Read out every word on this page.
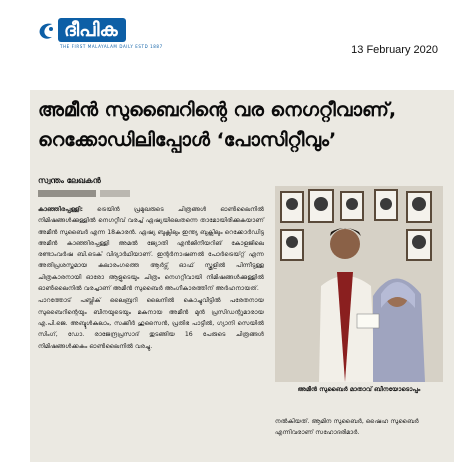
ദീപിക
THE FIRST MALAYALAM DAILY ESTD 1887	13 February 2020
അമീൻ സുബൈറിന്റെ വര നെഗറ്റീവാണ്,
റെക്കോഡിലിപ്പോൾ ‘പോസിറ്റീവും’
സ്വന്തം ലേഖകൻ

കാഞ്ഞിരപ്പള്ളി: ട്രെയിൻ പ്രമുഖരുടെ ചിത്രങ്ങൾ ഓൺലൈനിൽ നിമിഷങ്ങൾക്കുള്ളിൽ നെഗറ്റീവ് വരച്ച് ഏഷ്യയിലെതന്നെ താമോയിരിക്കുകയാണ് അമീൻ സുബൈർ എന്ന 18കാരൻ. ഏഷ്യ ബുക്സിലും ഇന്ത്യ ബുക്സിലും റെക്കോർഡിട്ട അമീൻ കാഞ്ഞിരപ്പള്ളി അമൽ ജ്യോതി എൻജിനീയറിങ് കോളജിലെ രണ്ടാംവർഷ ബി.ടെക് വിദ്യാർഥിയാണ്. ഇന്റർനാഷണൽ പോർട്രെയ്റ്റ് എന്ന അതിപ്രശസ്തമായ കലാരംഗത്തെ ആർട്സ് ഓഫ് സ്കൂളിൽ പിന്നീടുള്ള ചിത്രകാരനായി ഓരോ ആളുടെയും ചിത്രം നെഗറ്റീവായി നിമിഷങ്ങൾക്കുള്ളിൽ ഓൺലൈനിൽ വരച്ചാണ് അമീൻ സുബൈർ അംഗീകാരത്തിന് അർഹനായത്.

പാറത്തോട് പബ്ലിക് ലൈബ്രറി ലൈനിൽ കൊച്ചുവീട്ടിൽ പരേതനായ സുബൈറിന്റെയും ബീനയുടെയും മകനായ അമീൻ മുൻ പ്രസിഡന്റുമാരായ എ.പി.ജെ. അബ്ദുൾകലാം, സക്കീർ ഹുസൈൻ, പ്രതിഭ പാട്ടീൽ, ഗ്യാനി സെയിൽ സിംഗ്, ഡോ. രാജേന്ദ്രപ്രസാദ് തുടങ്ങിയ 16 പേരുടെ ചിത്രങ്ങൾ നിമിഷങ്ങൾക്കകം ഓൺലൈനിൽ വരച്ചു.

അമീൻ സുബൈർ മാതാവ് ബീനയോടൊപ്പം
നൽകിയത്. ആമിന സുബൈർ, ഷൈഹ സുബൈർ എന്നിവരാണ് സഹോദരിമാർ.
